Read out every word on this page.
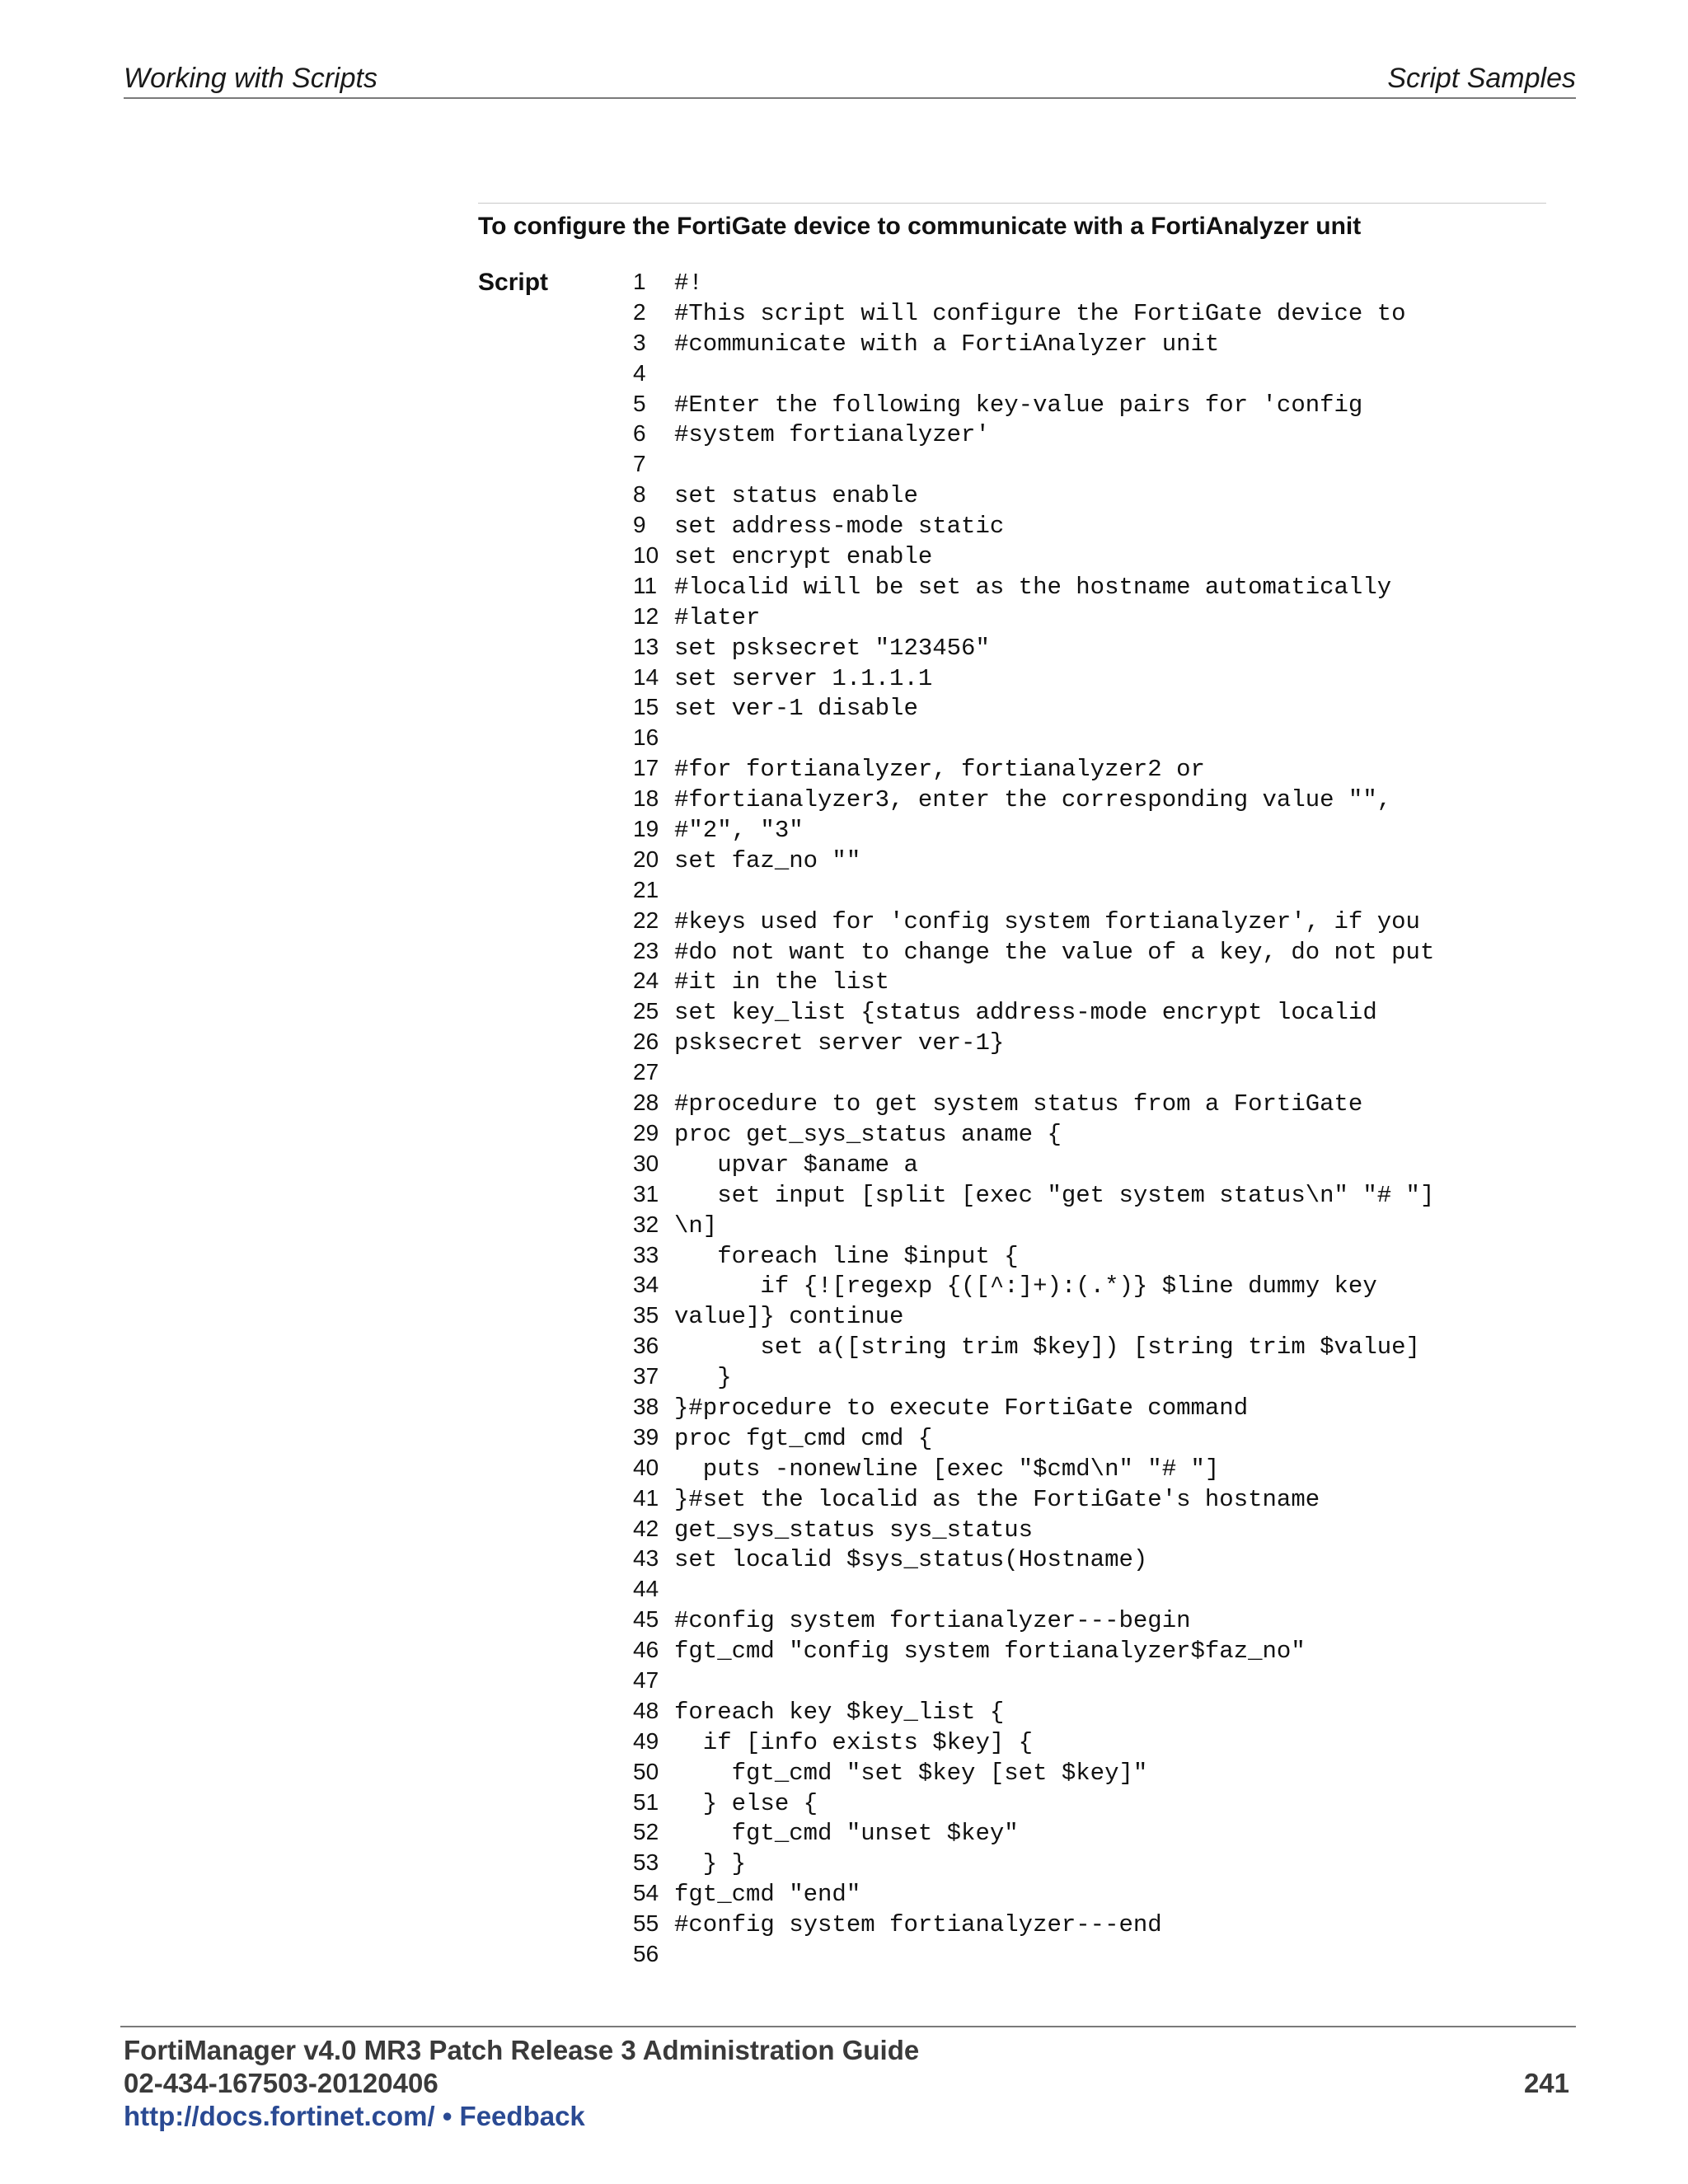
Working with Scripts	Script Samples
To configure the FortiGate device to communicate with a FortiAnalyzer unit
Script	1 #!
2 #This script will configure the FortiGate device to
3 #communicate with a FortiAnalyzer unit
4
5 #Enter the following key-value pairs for 'config
6 #system fortianalyzer'
7
8 set status enable
9 set address-mode static
10 set encrypt enable
11 #localid will be set as the hostname automatically
12 #later
13 set psksecret "123456"
14 set server 1.1.1.1
15 set ver-1 disable
16
17 #for fortianalyzer, fortianalyzer2 or
18 #fortianalyzer3, enter the corresponding value "",
19 #"2", "3"
20 set faz_no ""
21
22 #keys used for 'config system fortianalyzer', if you
23 #do not want to change the value of a key, do not put
24 #it in the list
25 set key_list {status address-mode encrypt localid
26 psksecret server ver-1}
27
28 #procedure to get system status from a FortiGate
29 proc get_sys_status aname {
30   upvar $aname a
31   set input [split [exec "get system status\n" "# "]
32 \n]
33   foreach line $input {
34      if {![regexp {([^:]+):(.*)} $line dummy key
35 value]} continue
36      set a([string trim $key]) [string trim $value]
37   }
38 }#procedure to execute FortiGate command
39 proc fgt_cmd cmd {
40  puts -nonewline [exec "$cmd\n" "# "]
41 }#set the localid as the FortiGate's hostname
42 get_sys_status sys_status
43 set localid $sys_status(Hostname)
44
45 #config system fortianalyzer---begin
46 fgt_cmd "config system fortianalyzer$faz_no"
47
48 foreach key $key_list {
49  if [info exists $key] {
50    fgt_cmd "set $key [set $key]"
51  } else {
52    fgt_cmd "unset $key"
53  } }
54 fgt_cmd "end"
55 #config system fortianalyzer---end
56
FortiManager v4.0 MR3 Patch Release 3 Administration Guide
02-434-167503-20120406	241
http://docs.fortinet.com/ • Feedback
